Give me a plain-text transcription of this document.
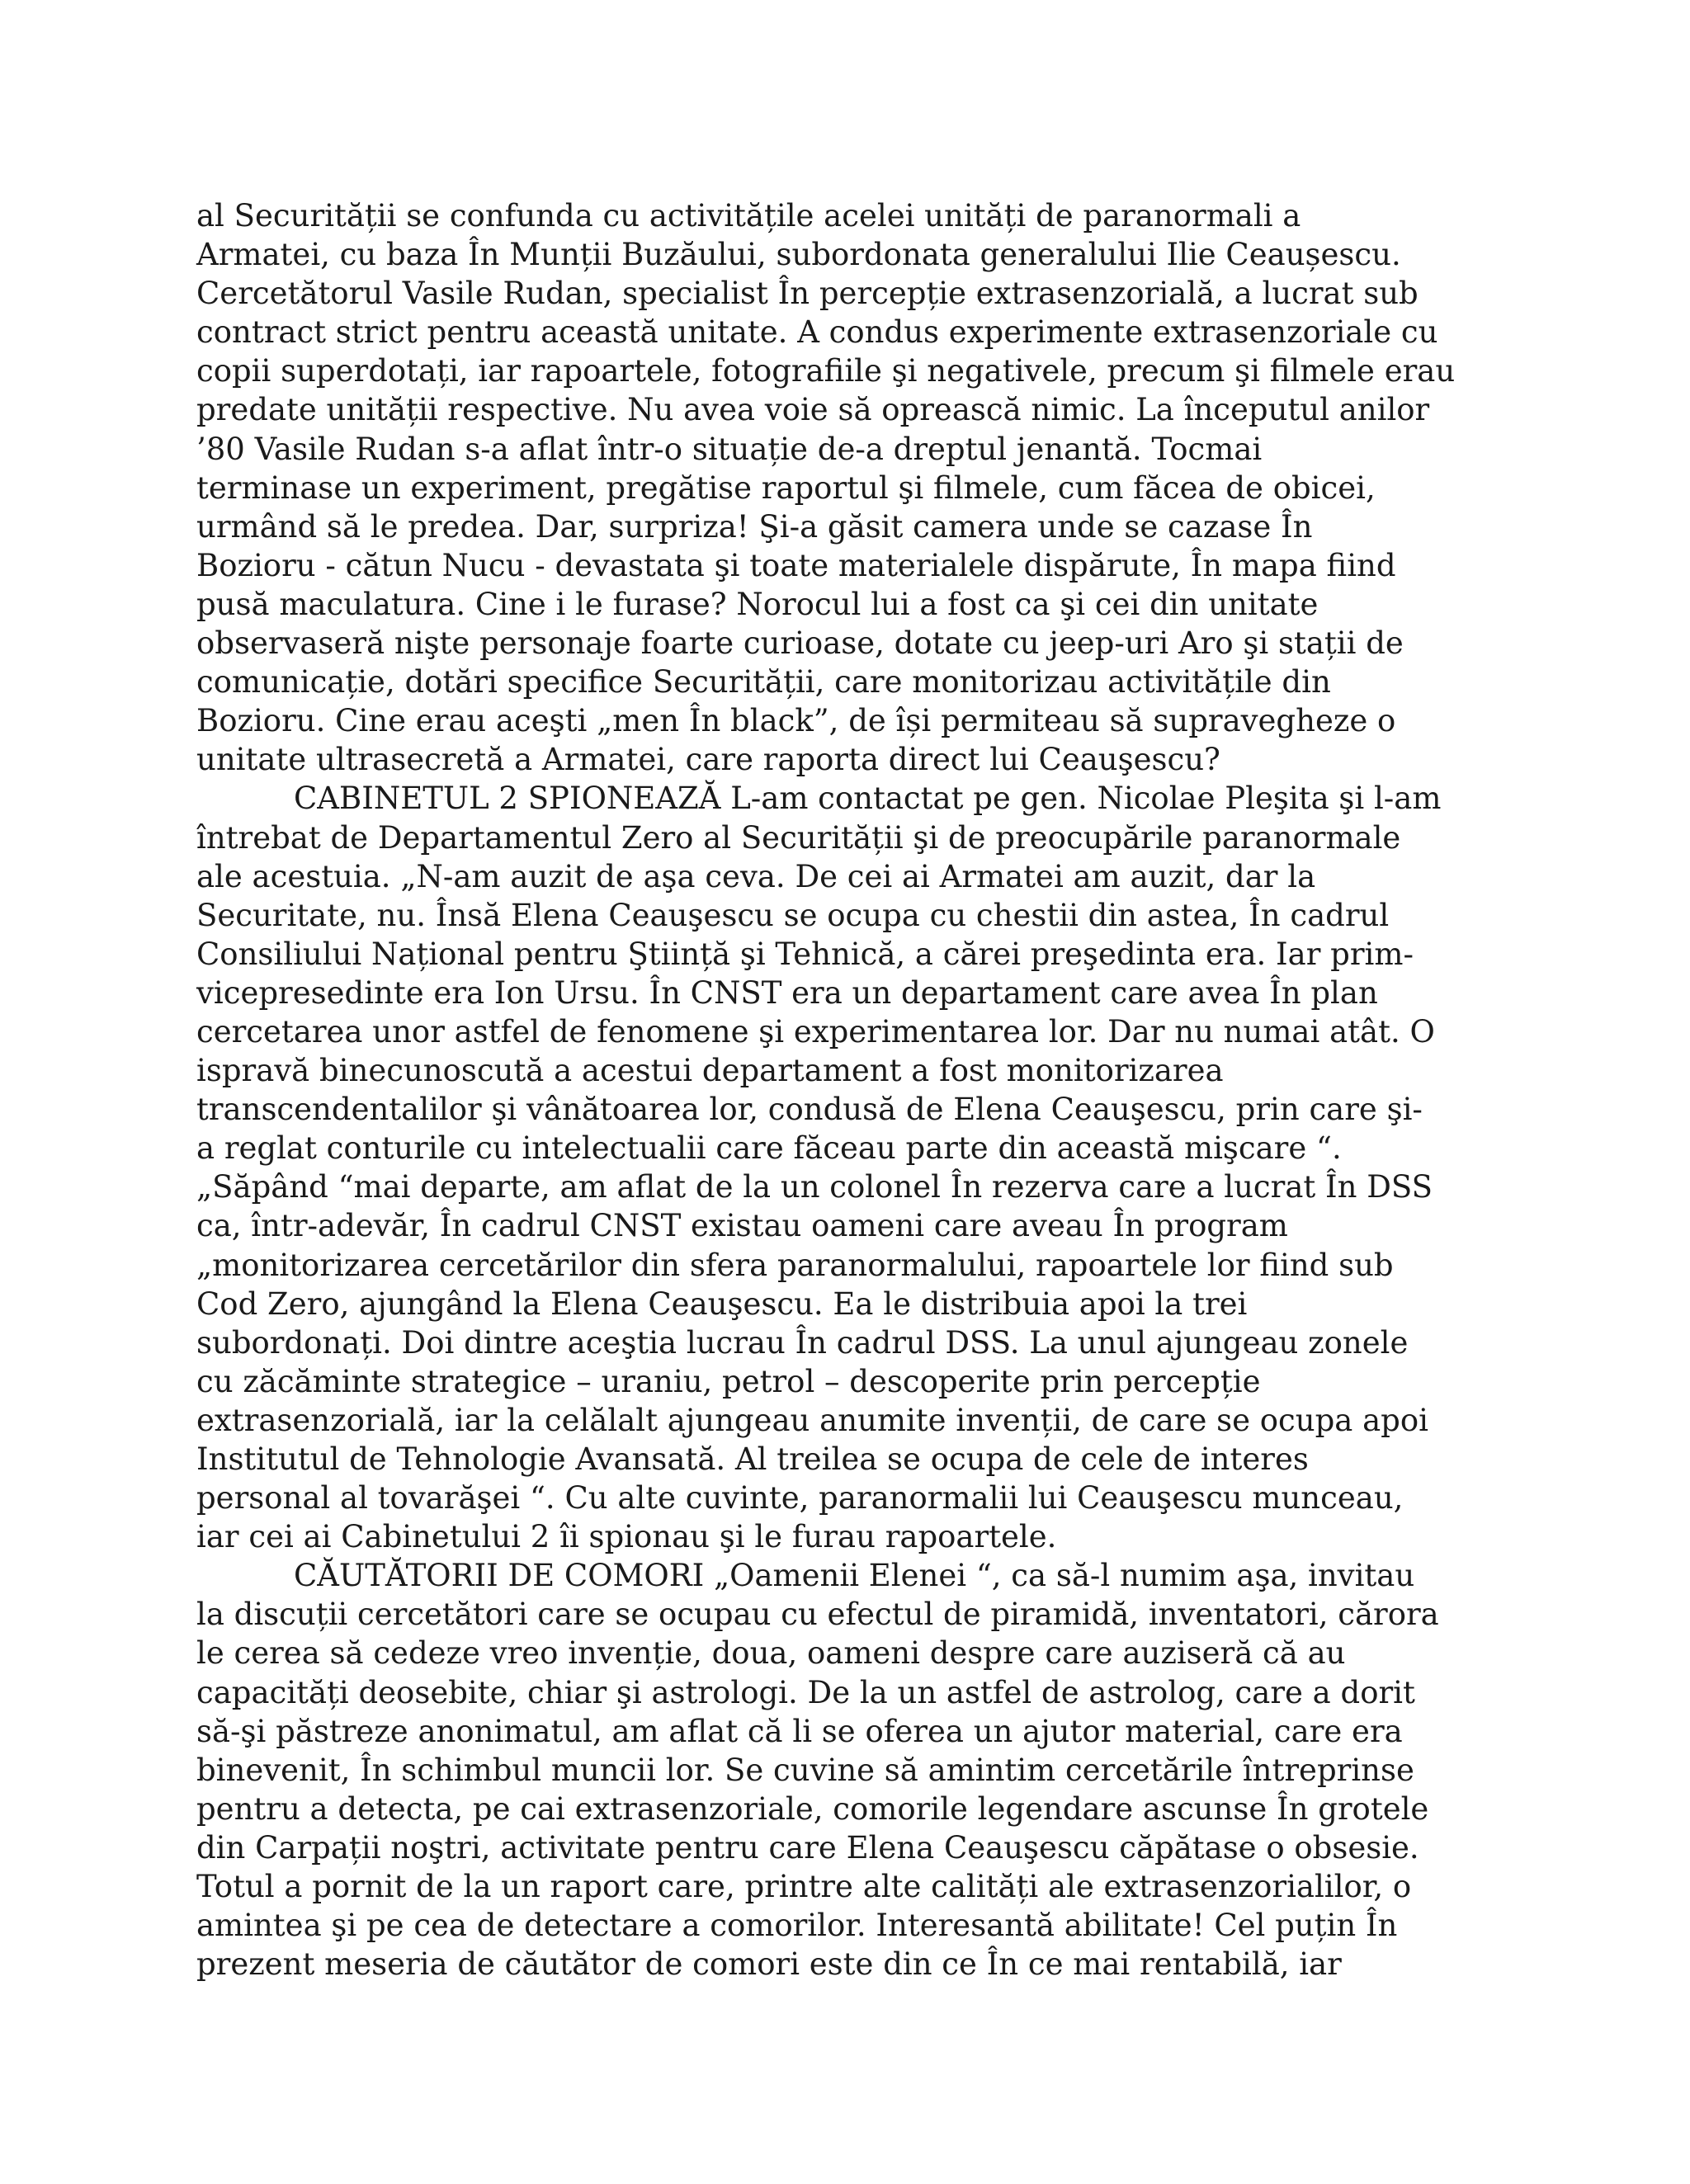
al Securității se confunda cu activitățile acelei unități de paranormali a
Armatei, cu baza În Munții Buzăului, subordonata generalului Ilie Ceaușescu.
Cercetătorul Vasile Rudan, specialist În percepție extrasenzorială, a lucrat sub
contract strict pentru această unitate. A condus experimente extrasenzoriale cu
copii superdotați, iar rapoartele, fotografiile şi negativele, precum şi filmele erau
predate unității respective. Nu avea voie să oprească nimic. La începutul anilor
’80 Vasile Rudan s-a aflat într-o situație de-a dreptul jenantă. Tocmai
terminase un experiment, pregătise raportul şi filmele, cum făcea de obicei,
urmând să le predea. Dar, surpriza! Şi-a găsit camera unde se cazase În
Bozioru - cătun Nucu - devastata şi toate materialele dispărute, În mapa fiind
pusă maculatura. Cine i le furase? Norocul lui a fost ca şi cei din unitate
observaseră nişte personaje foarte curioase, dotate cu jeep-uri Aro şi stații de
comunicație, dotări specifice Securității, care monitorizau activitățile din
Bozioru. Cine erau aceşti „men În black”, de își permiteau să supravegheze o
unitate ultrasecretă a Armatei, care raporta direct lui Ceauşescu?
CABINETUL 2 SPIONEAZĂ L-am contactat pe gen. Nicolae Pleşita şi l-am
întrebat de Departamentul Zero al Securității şi de preocupările paranormale
ale acestuia. „N-am auzit de aşa ceva. De cei ai Armatei am auzit, dar la
Securitate, nu. Însă Elena Ceauşescu se ocupa cu chestii din astea, În cadrul
Consiliului Național pentru Ştiință şi Tehnică, a cărei preşedinta era. Iar prim-
vicepresedinte era Ion Ursu. În CNST era un departament care avea În plan
cercetarea unor astfel de fenomene şi experimentarea lor. Dar nu numai atât. O
ispravă binecunoscută a acestui departament a fost monitorizarea
transcendentalilor şi vânătoarea lor, condusă de Elena Ceauşescu, prin care şi-
a reglat conturile cu intelectualii care făceau parte din această mişcare “.
„Săpând “mai departe, am aflat de la un colonel În rezerva care a lucrat În DSS
ca, într-adevăr, În cadrul CNST existau oameni care aveau În program
„monitorizarea cercetărilor din sfera paranormalului, rapoartele lor fiind sub
Cod Zero, ajungând la Elena Ceauşescu. Ea le distribuia apoi la trei
subordonați. Doi dintre aceştia lucrau În cadrul DSS. La unul ajungeau zonele
cu zăcăminte strategice – uraniu, petrol – descoperite prin percepție
extrasenzorială, iar la celălalt ajungeau anumite invenții, de care se ocupa apoi
Institutul de Tehnologie Avansată. Al treilea se ocupa de cele de interes
personal al tovarăşei “. Cu alte cuvinte, paranormalii lui Ceauşescu munceau,
iar cei ai Cabinetului 2 îi spionau şi le furau rapoartele.
CĂUTĂTORII DE COMORI „Oamenii Elenei “, ca să-l numim aşa, invitau
la discuții cercetători care se ocupau cu efectul de piramidă, inventatori, cărora
le cerea să cedeze vreo invenție, doua, oameni despre care auziseră că au
capacități deosebite, chiar şi astrologi. De la un astfel de astrolog, care a dorit
să-şi păstreze anonimatul, am aflat că li se oferea un ajutor material, care era
binevenit, În schimbul muncii lor. Se cuvine să amintim cercetările întreprinse
pentru a detecta, pe cai extrasenzoriale, comorile legendare ascunse În grotele
din Carpații noştri, activitate pentru care Elena Ceauşescu căpătase o obsesie.
Totul a pornit de la un raport care, printre alte calități ale extrasenzorialilor, o
amintea şi pe cea de detectare a comorilor. Interesantă abilitate! Cel puțin În
prezent meseria de căutător de comori este din ce În ce mai rentabilă, iar
